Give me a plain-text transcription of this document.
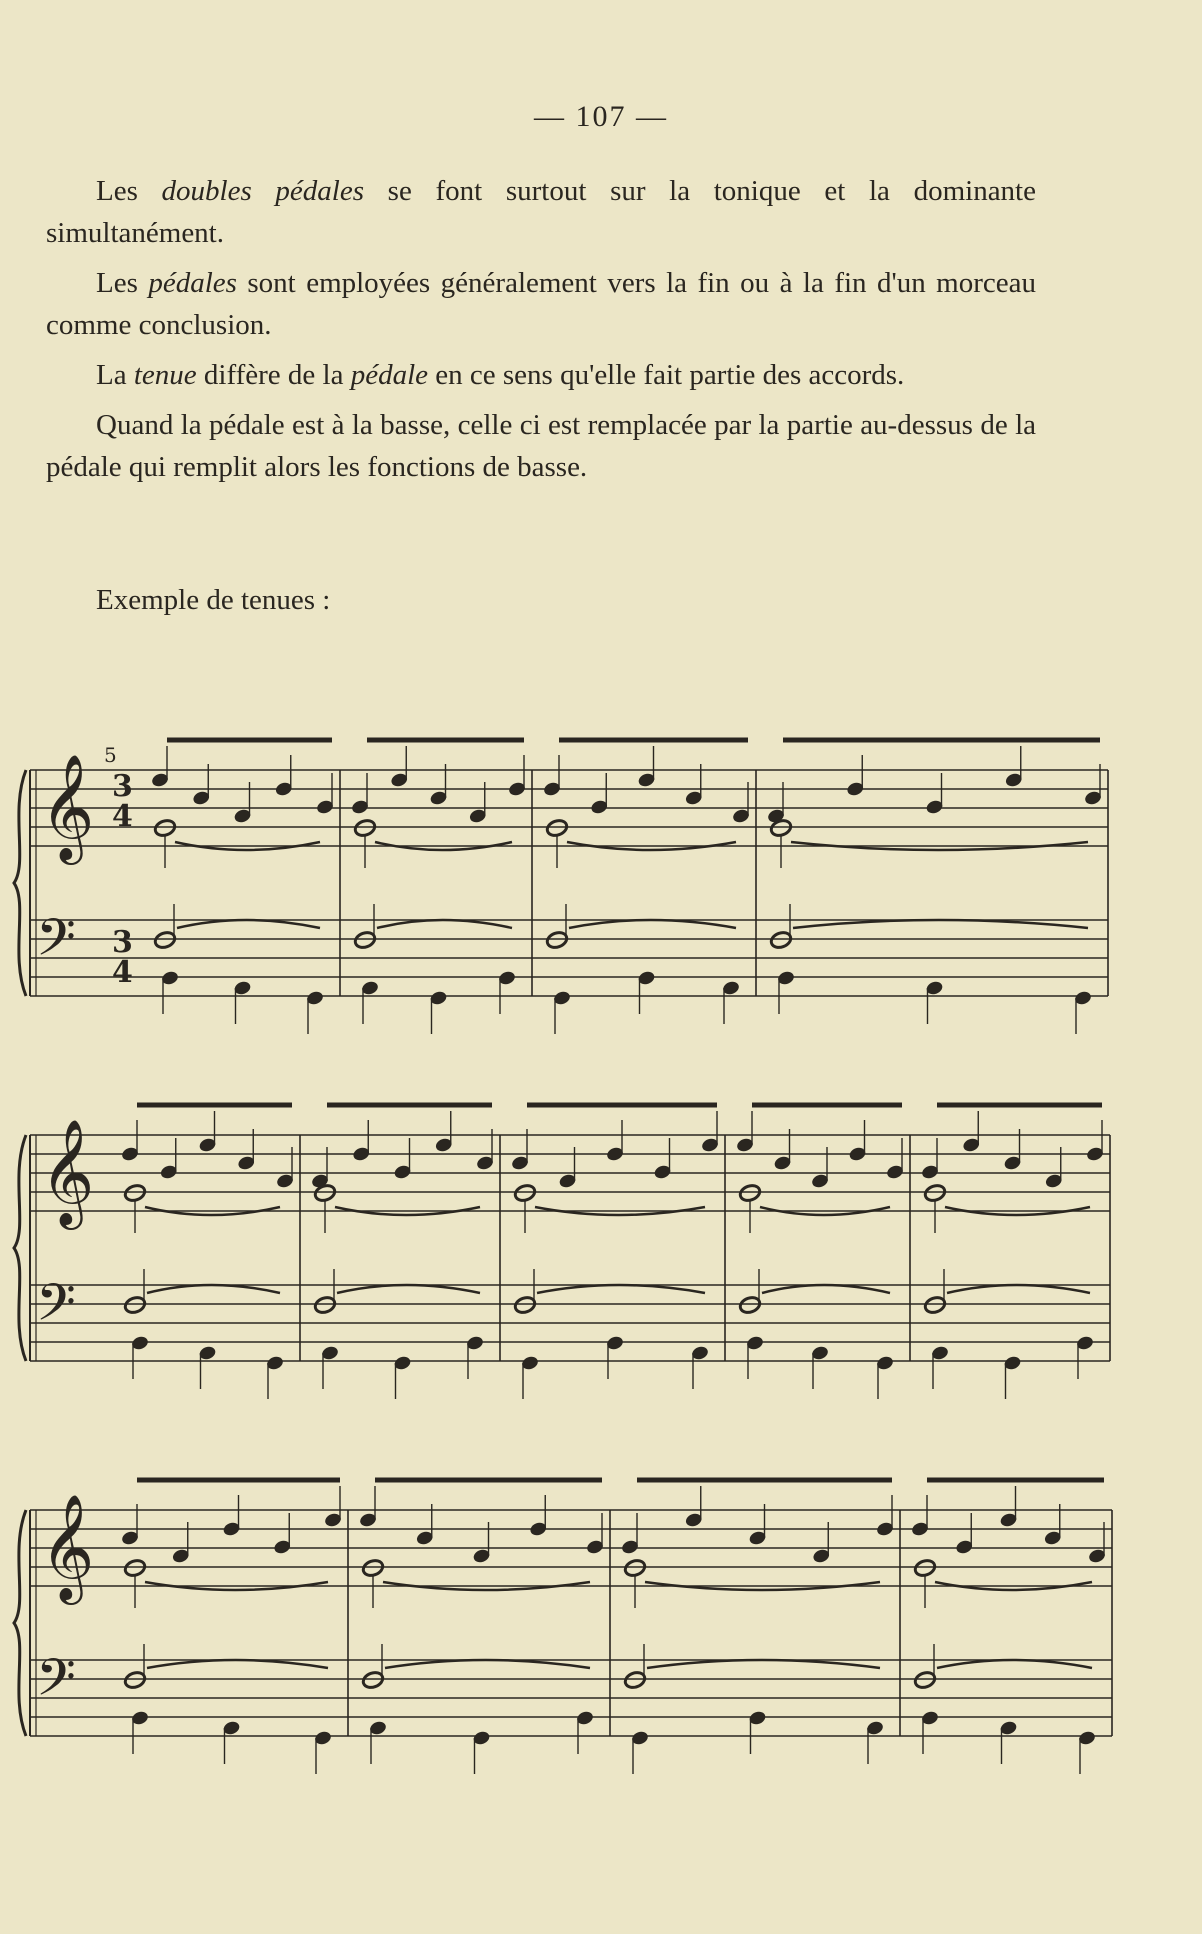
— 107 —

Les doubles pédales se font surtout sur la tonique et la dominante simultanément.

Les pédales sont employées généralement vers la fin ou à la fin d'un morceau comme conclusion.

La tenue diffère de la pédale en ce sens qu'elle fait partie des accords.

Quand la pédale est à la basse, celle ci est remplacée par la partie au-dessus de la pédale qui remplit alors les fonctions de basse.

Exemple de tenues :
𝄞
𝄢
𝄞
𝄢
𝄞
𝄢
5
3
4
3
4
